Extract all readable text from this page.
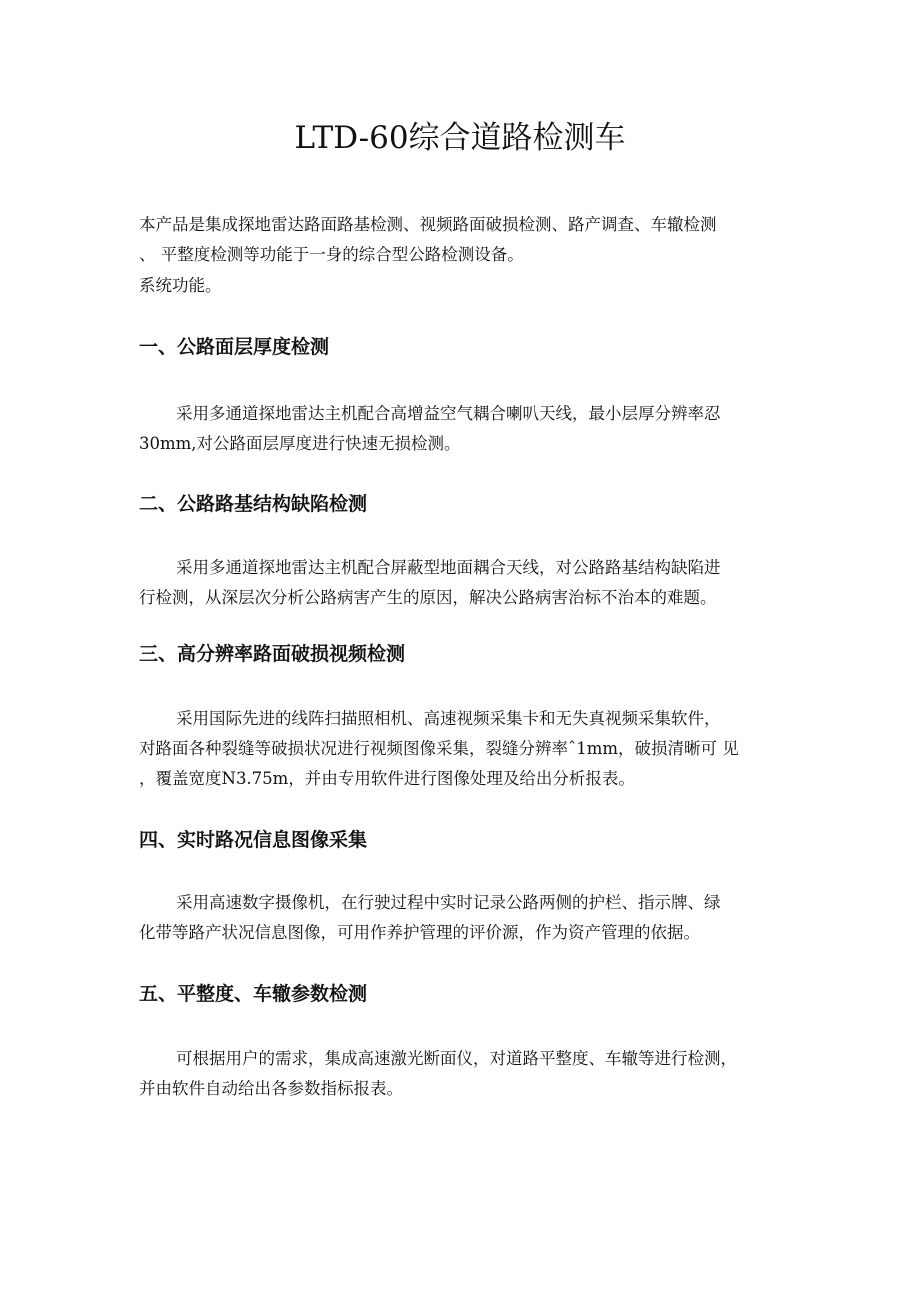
LTD-60综合道路检测车

本产品是集成探地雷达路面路基检测、视频路面破损检测、路产调查、车辙检测

、 平整度检测等功能于一身的综合型公路检测设备。

系统功能。

一、公路面层厚度检测

采用多通道探地雷达主机配合高增益空气耦合喇叭天线，最小层厚分辨率忍

30mm,对公路面层厚度进行快速无损检测。

二、公路路基结构缺陷检测

采用多通道探地雷达主机配合屏蔽型地面耦合天线，对公路路基结构缺陷进

行检测，从深层次分析公路病害产生的原因，解决公路病害治标不治本的难题。

三、高分辨率路面破损视频检测

采用国际先进的线阵扫描照相机、高速视频采集卡和无失真视频采集软件，

对路面各种裂缝等破损状况进行视频图像采集，裂缝分辨率ˆ1mm，破损清晰可 见

，覆盖宽度N3.75m，并由专用软件进行图像处理及给出分析报表。

四、实时路况信息图像采集

采用高速数字摄像机，在行驶过程中实时记录公路两侧的护栏、指示牌、绿

化带等路产状况信息图像，可用作养护管理的评价源，作为资产管理的依据。

五、平整度、车辙参数检测

可根据用户的需求，集成高速激光断面仪，对道路平整度、车辙等进行检测，

并由软件自动给出各参数指标报表。
